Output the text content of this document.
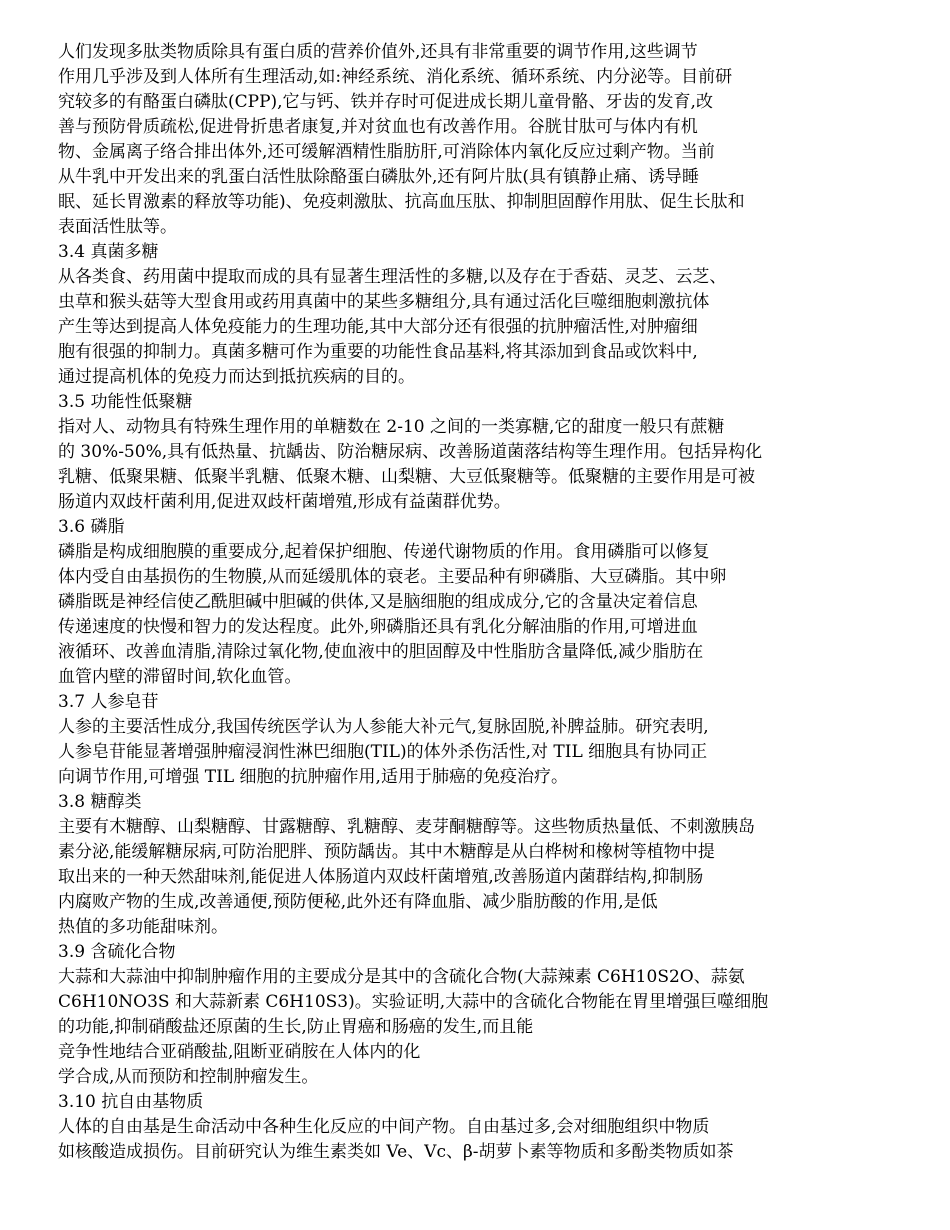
人们发现多肽类物质除具有蛋白质的营养价值外,还具有非常重要的调节作用,这些调节
作用几乎涉及到人体所有生理活动,如:神经系统、消化系统、循环系统、内分泌等。目前研
究较多的有酪蛋白磷肽(CPP),它与钙、铁并存时可促进成长期儿童骨骼、牙齿的发育,改
善与预防骨质疏松,促进骨折患者康复,并对贫血也有改善作用。谷胱甘肽可与体内有机
物、金属离子络合排出体外,还可缓解酒精性脂肪肝,可消除体内氧化反应过剩产物。当前
从牛乳中开发出来的乳蛋白活性肽除酪蛋白磷肽外,还有阿片肽(具有镇静止痛、诱导睡
眠、延长胃激素的释放等功能)、免疫刺激肽、抗高血压肽、抑制胆固醇作用肽、促生长肽和
表面活性肽等。
3.4 真菌多糖
从各类食、药用菌中提取而成的具有显著生理活性的多糖,以及存在于香菇、灵芝、云芝、
虫草和猴头菇等大型食用或药用真菌中的某些多糖组分,具有通过活化巨噬细胞刺激抗体
产生等达到提高人体免疫能力的生理功能,其中大部分还有很强的抗肿瘤活性,对肿瘤细
胞有很强的抑制力。真菌多糖可作为重要的功能性食品基料,将其添加到食品或饮料中,
通过提高机体的免疫力而达到抵抗疾病的目的。
3.5 功能性低聚糖
指对人、动物具有特殊生理作用的单糖数在 2-10 之间的一类寡糖,它的甜度一般只有蔗糖
的 30%-50%,具有低热量、抗龋齿、防治糖尿病、改善肠道菌落结构等生理作用。包括异构化
乳糖、低聚果糖、低聚半乳糖、低聚木糖、山梨糖、大豆低聚糖等。低聚糖的主要作用是可被
肠道内双歧杆菌利用,促进双歧杆菌增殖,形成有益菌群优势。
3.6 磷脂
磷脂是构成细胞膜的重要成分,起着保护细胞、传递代谢物质的作用。食用磷脂可以修复
体内受自由基损伤的生物膜,从而延缓肌体的衰老。主要品种有卵磷脂、大豆磷脂。其中卵
磷脂既是神经信使乙酰胆碱中胆碱的供体,又是脑细胞的组成成分,它的含量决定着信息
传递速度的快慢和智力的发达程度。此外,卵磷脂还具有乳化分解油脂的作用,可增进血
液循环、改善血清脂,清除过氧化物,使血液中的胆固醇及中性脂肪含量降低,减少脂肪在
血管内壁的滞留时间,软化血管。
3.7 人参皂苷
人参的主要活性成分,我国传统医学认为人参能大补元气,复脉固脱,补脾益肺。研究表明,
人参皂苷能显著增强肿瘤浸润性淋巴细胞(TIL)的体外杀伤活性,对 TIL 细胞具有协同正
向调节作用,可增强 TIL 细胞的抗肿瘤作用,适用于肺癌的免疫治疗。
3.8 糖醇类
主要有木糖醇、山梨糖醇、甘露糖醇、乳糖醇、麦芽酮糖醇等。这些物质热量低、不刺激胰岛
素分泌,能缓解糖尿病,可防治肥胖、预防龋齿。其中木糖醇是从白桦树和橡树等植物中提
取出来的一种天然甜味剂,能促进人体肠道内双歧杆菌增殖,改善肠道内菌群结构,抑制肠
内腐败产物的生成,改善通便,预防便秘,此外还有降血脂、减少脂肪酸的作用,是低
热值的多功能甜味剂。
3.9 含硫化合物
大蒜和大蒜油中抑制肿瘤作用的主要成分是其中的含硫化合物(大蒜辣素 C6H10S2O、蒜氨
C6H10NO3S 和大蒜新素 C6H10S3)。实验证明,大蒜中的含硫化合物能在胃里增强巨噬细胞
的功能,抑制硝酸盐还原菌的生长,防止胃癌和肠癌的发生,而且能
竞争性地结合亚硝酸盐,阻断亚硝胺在人体内的化
学合成,从而预防和控制肿瘤发生。
3.10 抗自由基物质
人体的自由基是生命活动中各种生化反应的中间产物。自由基过多,会对细胞组织中物质
如核酸造成损伤。目前研究认为维生素类如 Ve、Vc、β-胡萝卜素等物质和多酚类物质如茶
